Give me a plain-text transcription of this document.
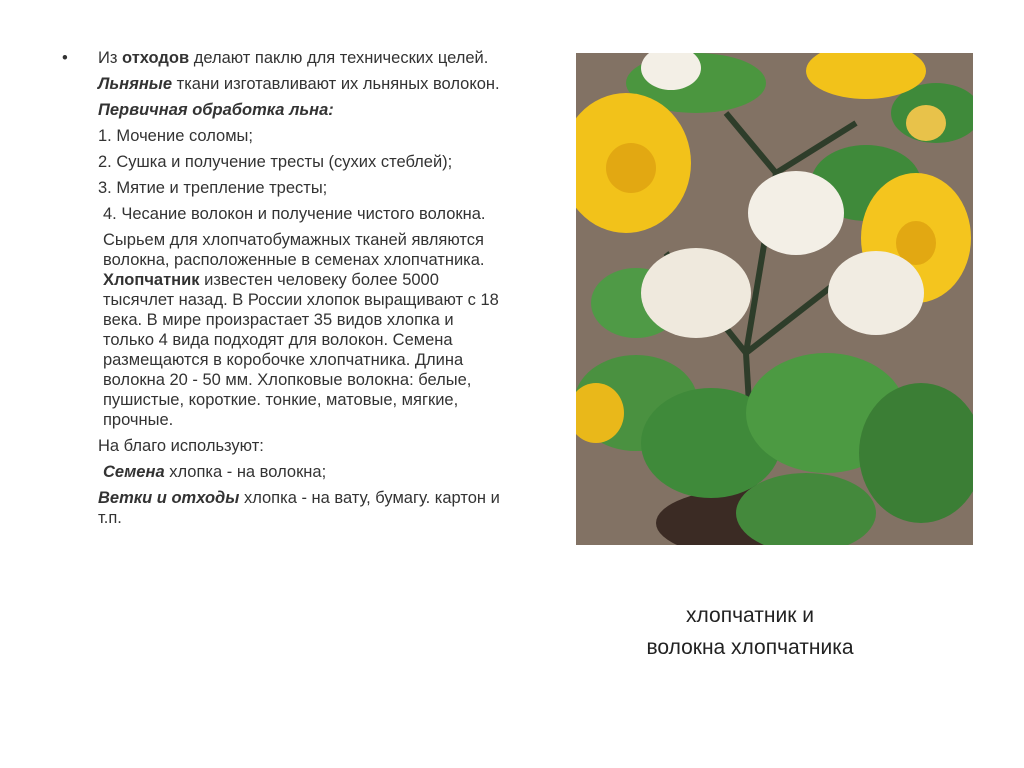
• Из отходов делают паклю для технических целей.

Льняные ткани изготавливают их льняных волокон.

Первичная обработка льна:

1. Мочение соломы;

2. Сушка и получение тресты (сухих стеблей);

3. Мятие и трепление тресты;

4. Чесание волокон и получение чистого волокна.

Сырьем для хлопчатобумажных тканей являются волокна, расположенные в семенах хлопчатника. Хлопчатник известен человеку более 5000 тысячлет назад. В России хлопок выращивают с 18 века. В мире произрастает 35 видов хлопка и только 4 вида подходят для волокон. Семена размещаются в коробочке хлопчатника. Длина волокна 20 - 50 мм. Хлопковые волокна: белые, пушистые, короткие. тонкие, матовые, мягкие, прочные.

На благо используют:

Семена хлопка - на волокна;

Ветки и отходы хлопка - на вату, бумагу. картон и т.п.

хлопчатник и
волокна хлопчатника
